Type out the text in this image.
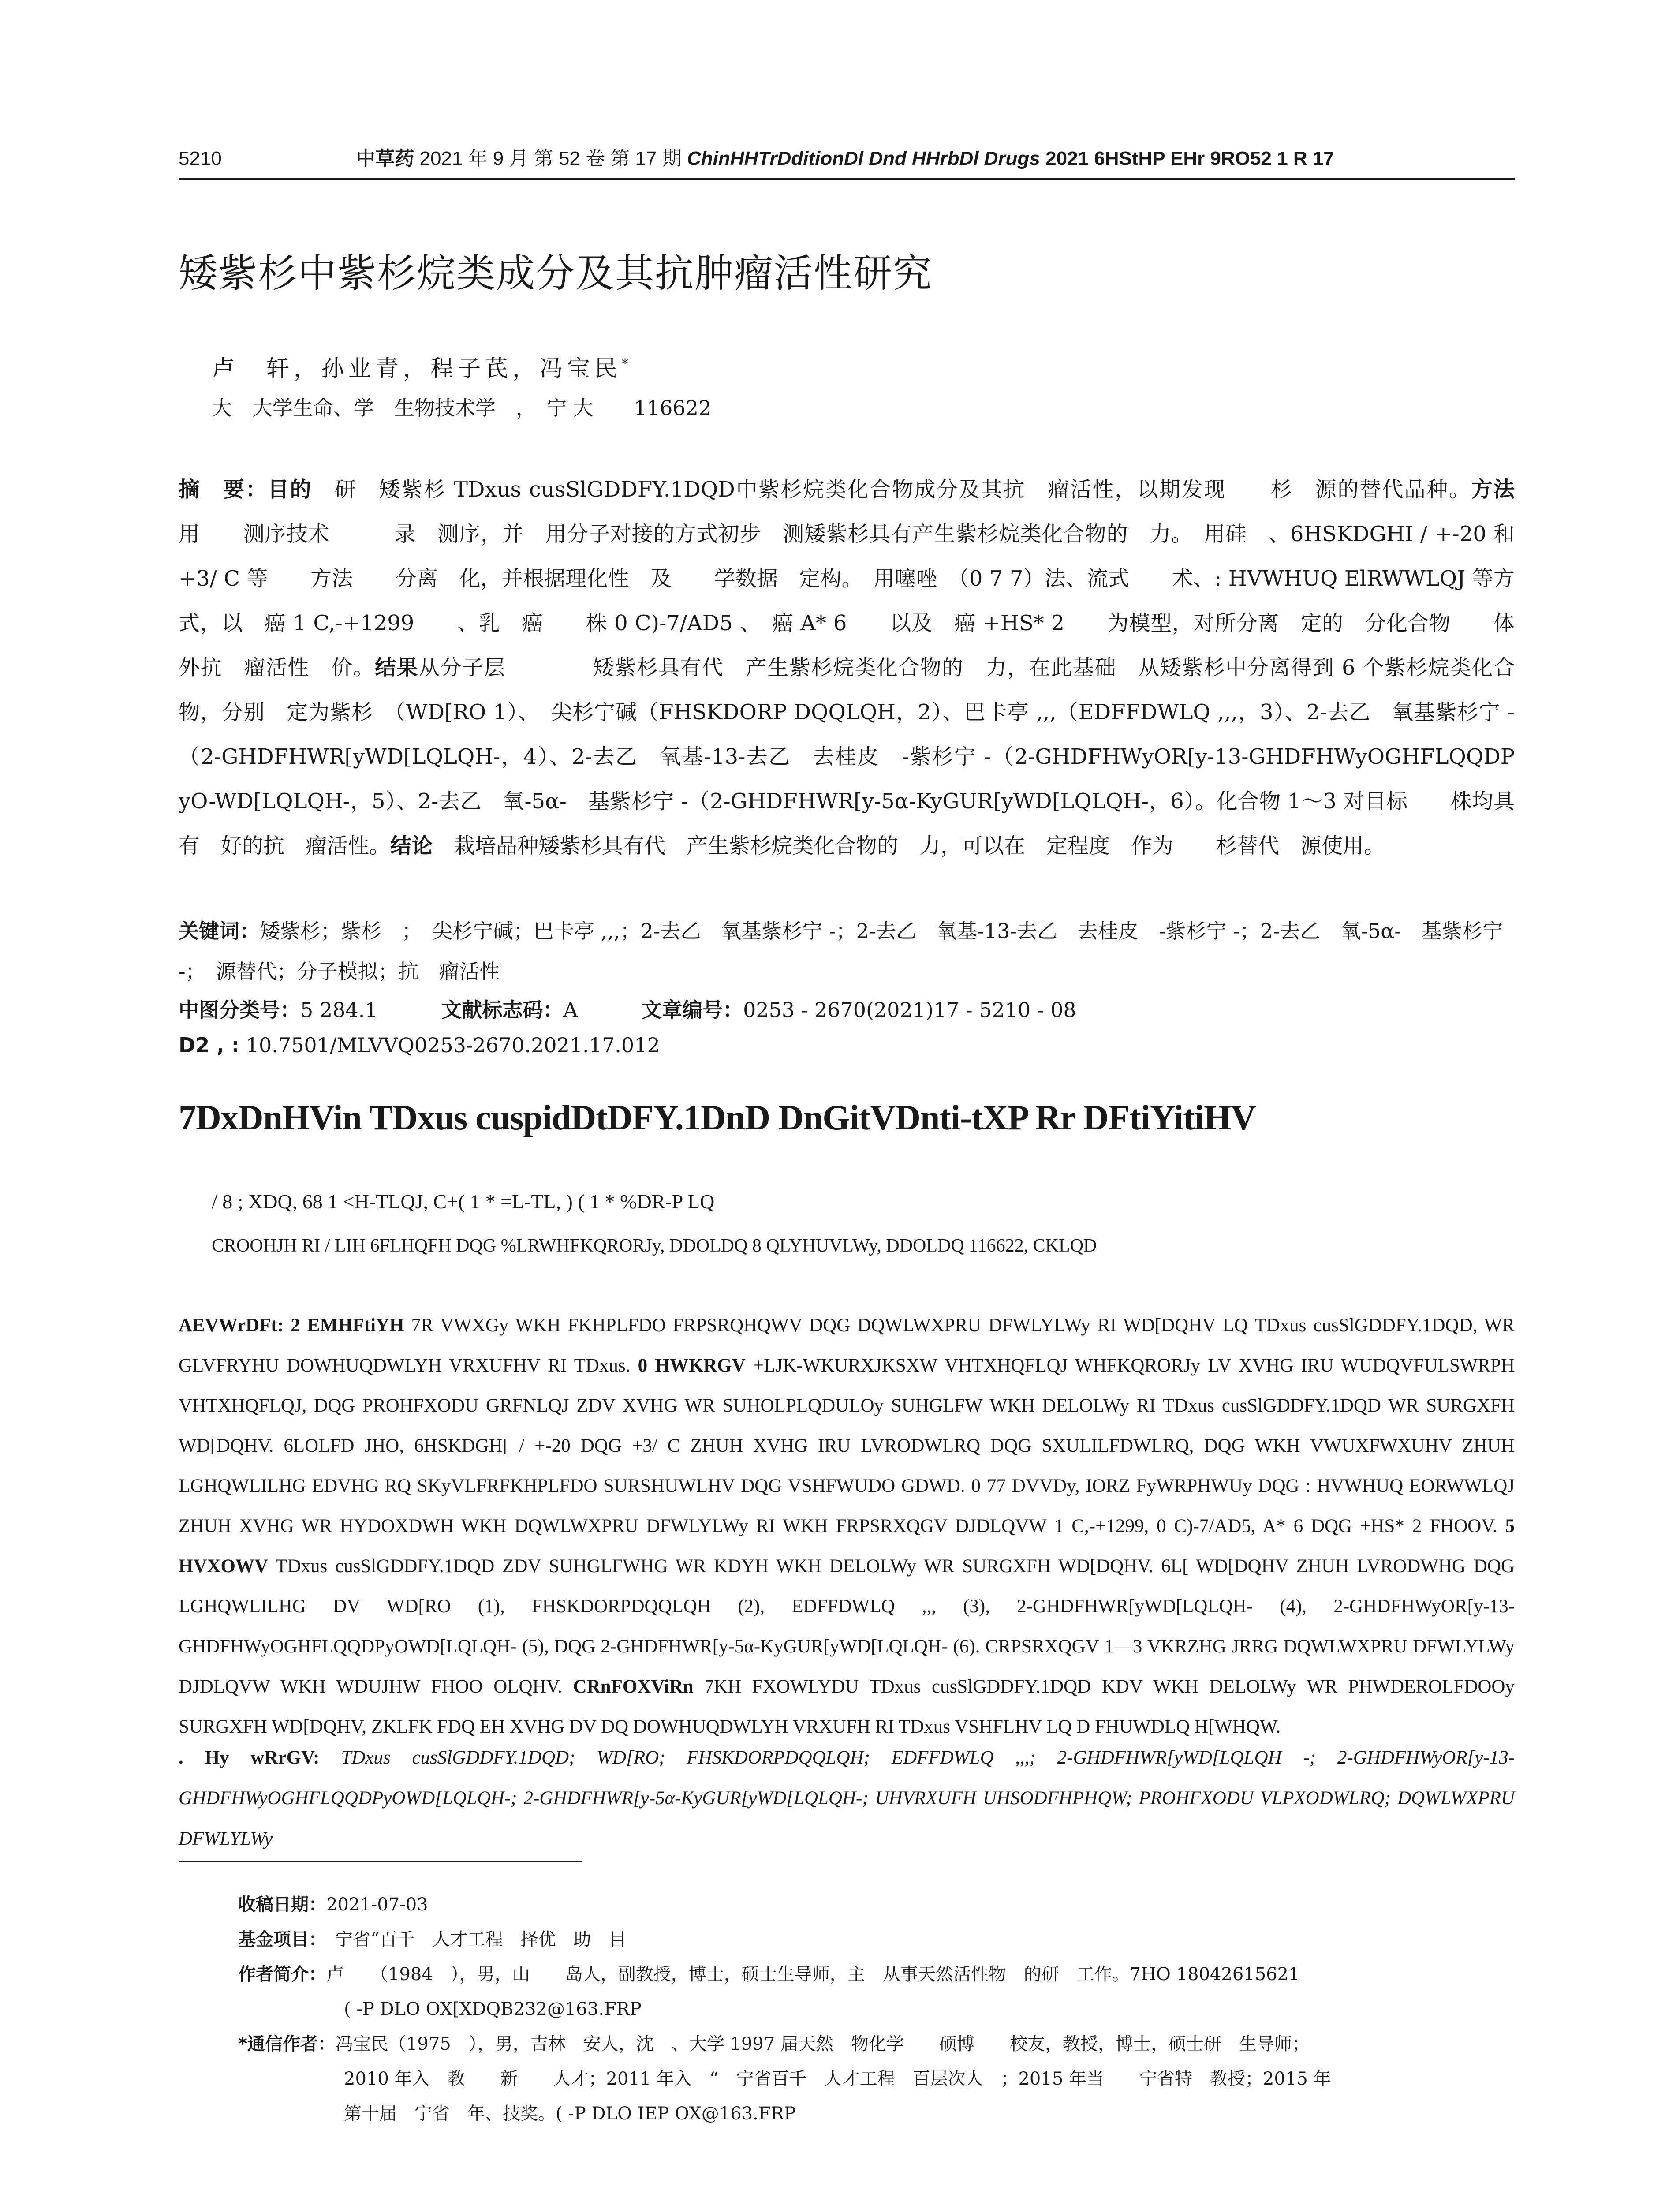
5210	中草药 2021 年 9 月 第 52 卷 第 17 期 ChinHHTrDditionDl Dnd HHrbDl Drugs 2021 6HStHP EHr 9RO52 1 R 17
矮紫杉中紫杉烷类成分及其抗肿瘤活性研究
卢　轩，孙业青，程子芪，冯宝民*
大　大学生命、学　生物技术学　，　宁 大　　116622
摘　要：目的　研　矮紫杉 TDxus cusSlGDDFY.1DQD中紫杉烷类化合物成分及其抗　瘤活性，以期发现　　杉　源的替代品种。方法　　用　　测序技术　　　录　测序，并　用分子对接的方式初步　测矮紫杉具有产生紫杉烷类化合物的　力。　用硅　、6HSKDGHI / +-20 和 +3/ C 等　　方法　　分离　化，并根据理化性　及　　学数据　定构。　用噻唑　（0 7 7）法、流式　　术、: HVWHUQ ElRWWLQJ 等方式，以　癌 1 C,-+1299　　、乳　癌　　株 0 C)-7/AD5 、　癌 A* 6　　以及　癌 +HS* 2　　为模型，对所分离　定的　分化合物　　体外抗　瘤活性　价。结果从分子层　　　　矮紫杉具有代　产生紫杉烷类化合物的　力，在此基础　从矮紫杉中分离得到 6 个紫杉烷类化合物，分别　定为紫杉　（WD[RO 1）、　尖杉宁碱（FHSKDORP DQQLQH，2）、巴卡亭 ,,,（EDFFDWLQ ,,,，3）、2-去乙　氧基紫杉宁 -（2-GHDFHWR[yWD[LQLQH-，4）、2-去乙　氧基-13-去乙　去桂皮　-紫杉宁 -（2-GHDFHWyOR[y-13-GHDFHWyOGHFLQQDP yO-WD[LQLQH-，5）、2-去乙　氧-5α-　基紫杉宁 -（2-GHDFHWR[y-5α-KyGUR[yWD[LQLQH-，6）。化合物 1～3 对目标　　株均具有　好的抗　瘤活性。结论　栽培品种矮紫杉具有代　产生紫杉烷类化合物的　力，可以在　定程度　作为　　杉替代　源使用。
关键词：矮紫杉；紫杉　；　尖杉宁碱；巴卡亭 ,,,；2-去乙　氧基紫杉宁 -；2-去乙　氧基-13-去乙　去桂皮　-紫杉宁 -；2-去乙　氧-5α-　基紫杉宁 -；　源替代；分子模拟；抗　瘤活性
中图分类号：5 284.1	文献标志码：A	文章编号：0253 - 2670(2021)17 - 5210 - 08
D2 , : 10.7501/MLVVQ0253-2670.2021.17.012
7DxDnHVin TDxus cuspidDtDFY.1DnD DnGitVDnti-tXP Rr DFtiYitiHV
/ 8 ; XDQ, 68 1 <H-TLQJ, C+( 1 * =L-TL, ) ( 1 * %DR-P LQ
CROOHJH RI / LIH 6FLHQFH DQG %LRWHFKQRORJy, DDOLDQ 8 QLYHUVLWy, DDOLDQ 116622, CKLQD
AEVWrDFt: 2 EMHFtiYH 7R VWXGy WKH FKHPLFDO FRPSRQHQWV DQG DQWLWXPRU DFWLYLWy RI WD[DQHV LQ TDxus cusSlGDDFY.1DQD, WR GLVFRYHU DOWHUQDWLYH VRXUFHV RI TDxus. 0 HWKRGV +LJK-WKURXJKSXW VHTXHQFLQJ WHFKQRORJy LV XVHG IRU WUDQVFULSWRPH VHTXHQFLQJ, DQG PROHFXODU GRFNLQJ ZDV XVHG WR SUHOLPLQDULOy SUHGLFW WKH DELOLWy RI TDxus cusSlGDDFY.1DQD WR SURGXFH WD[DQHV. 6LOLFD JHO, 6HSKDGH[ / +-20 DQG +3/ C ZHUH XVHG IRU LVRODWLRQ DQG SXULILFDWLRQ, DQG WKH VWUXFWXUHV ZHUH LGHQWLILHG EDVHG RQ SKyVLFRFKHPLFDO SURSHUWLHV DQG VSHFWUDO GDWD. 0 77 DVVDy, IORZ FyWRPHWUy DQG : HVWHUQ EORWWLQJ ZHUH XVHG WR HYDOXDWH WKH DQWLWXPRU DFWLYLWy RI WKH FRPSRXQGV DJDLQVW 1 C,-+1299, 0 C)-7/AD5, A* 6 DQG +HS* 2 FHOOV. 5 HVXOWV TDxus cusSlGDDFY.1DQD ZDV SUHGLFWHG WR KDYH WKH DELOLWy WR SURGXFH WD[DQHV. 6L[ WD[DQHV ZHUH LVRODWHG DQG LGHQWLILHG DV WD[RO (1), FHSKDORPDQQLQH (2), EDFFDWLQ ,,, (3), 2-GHDFHWR[yWD[LQLQH- (4), 2-GHDFHWyOR[y-13-GHDFHWyOGHFLQQDPyOWD[LQLQH- (5), DQG 2-GHDFHWR[y-5α-KyGUR[yWD[LQLQH- (6). CRPSRXQGV 1—3 VKRZHG JRRG DQWLWXPRU DFWLYLWy DJDLQVW WKH WDUJHW FHOO OLQHV. CRnFOXViRn 7KH FXOWLYDU TDxus cusSlGDDFY.1DQD KDV WKH DELOLWy WR PHWDEROLFDOOy SURGXFH WD[DQHV, ZKLFK FDQ EH XVHG DV DQ DOWHUQDWLYH VRXUFH RI TDxus VSHFLHV LQ D FHUWDLQ H[WHQW.
. Hy wRrGV: TDxus cusSlGDDFY.1DQD; WD[RO; FHSKDORPDQQLQH; EDFFDWLQ ,,,; 2-GHDFHWR[yWD[LQLQH -; 2-GHDFHWyOR[y-13-GHDFHWyOGHFLQQDPyOWD[LQLQH-; 2-GHDFHWR[y-5α-KyGUR[yWD[LQLQH-; UHVRXUFH UHSODFHPHQW; PROHFXODU VLPXODWLRQ; DQWLWXPRU DFWLYLWy

收稿日期：2021-07-03

基金项目：　宁省“百千　人才工程　择优　助　目

作者简介：卢　　（1984　），男，山　　岛人，副教授，博士，硕士生导师，主　从事天然活性物　的研　工作。7HO 18042615621

( -P DLO OX[XDQB232@163.FRP

*通信作者：冯宝民（1975　），男，吉林　安人，沈　、大学 1997 届天然　物化学　　硕博　　校友，教授，博士，硕士研　生导师；

2010 年入　教　　新　　人才；2011 年入　“　宁省百千　人才工程　百层次人　；2015 年当　　宁省特　教授；2015 年

第十届　宁省　年、技奖。( -P DLO IEP OX@163.FRP
